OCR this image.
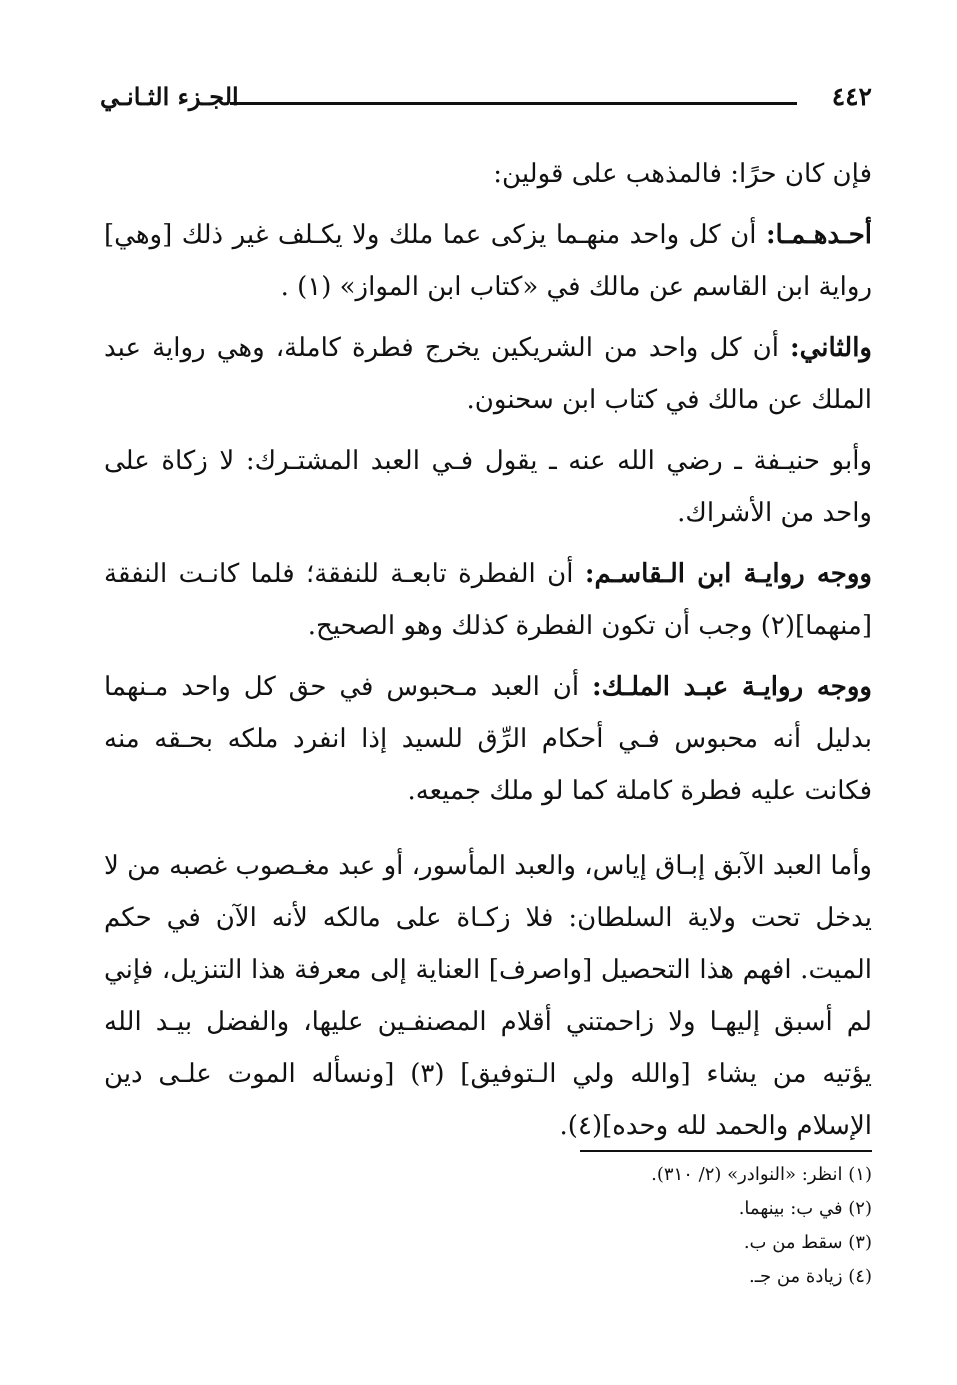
٤٤٢
الجـزء الثـانـي

فإن كان حرًا: فالمذهب على قولين:

أحـدهـمـا: أن كل واحد منهـما يزكى عما ملك ولا يكـلف غير ذلك [وهي] رواية ابن القاسم عن مالك في «كتاب ابن المواز» (١) .

والثاني: أن كل واحد من الشريكين يخرج فطرة كاملة، وهي رواية عبد الملك عن مالك في كتاب ابن سحنون.

وأبو حنيـفة ـ رضي الله عنه ـ يقول فـي العبد المشتـرك: لا زكاة على واحد من الأشراك.

ووجه روايـة ابن الـقاسـم: أن الفطرة تابعـة للنفقة؛ فلما كانـت النفقة [منهما](٢) وجب أن تكون الفطرة كذلك وهو الصحيح.

ووجه روايـة عبـد الملـك: أن العبد مـحبوس في حق كل واحد مـنهما بدليل أنه محبوس فـي أحكام الرِّق للسيد إذا انفرد ملكه بحـقه منه فكانت عليه فطرة كاملة كما لو ملك جميعه.

وأما العبد الآبق إبـاق إياس، والعبد المأسور، أو عبد مغـصوب غصبه من لا يدخل تحت ولاية السلطان: فلا زكـاة على مالكه لأنه الآن في حكم الميت. افهم هذا التحصيل [واصرف] العناية إلى معرفة هذا التنزيل، فإني لم أسبق إليهـا ولا زاحمتني أقلام المصنفـين عليها، والفضل بيـد الله يؤتيه من يشاء [والله ولي الـتوفيق] (٣) [ونسأله الموت علـى دين الإسلام والحمد لله وحده](٤).

(١) انظر: «النوادر» (٢/ ٣١٠).

(٢) في ب: بينهما.

(٣) سقط من ب.

(٤) زيادة من جـ.
